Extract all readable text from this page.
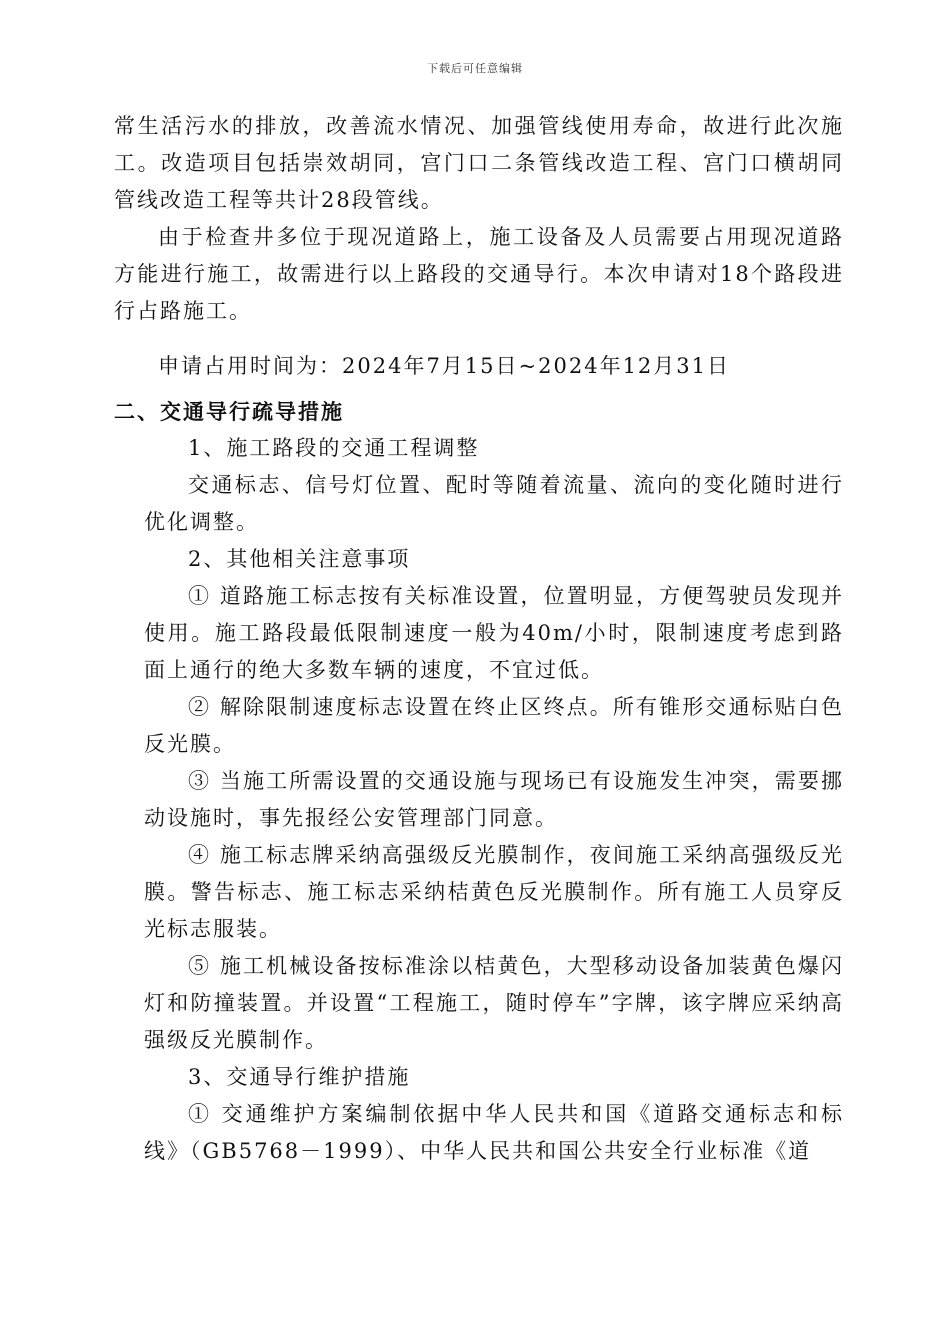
下载后可任意编辑

常生活污水的排放，改善流水情况、加强管线使用寿命，故进行此次施工。改造项目包括崇效胡同，宫门口二条管线改造工程、宫门口横胡同管线改造工程等共计28段管线。

由于检查井多位于现况道路上，施工设备及人员需要占用现况道路方能进行施工，故需进行以上路段的交通导行。本次申请对18个路段进行占路施工。

申请占用时间为：2024年7月15日~2024年12月31日

二、交通导行疏导措施

1、施工路段的交通工程调整

交通标志、信号灯位置、配时等随着流量、流向的变化随时进行优化调整。

2、其他相关注意事项

① 道路施工标志按有关标准设置，位置明显，方便驾驶员发现并使用。施工路段最低限制速度一般为40m/小时，限制速度考虑到路面上通行的绝大多数车辆的速度，不宜过低。

② 解除限制速度标志设置在终止区终点。所有锥形交通标贴白色反光膜。

③ 当施工所需设置的交通设施与现场已有设施发生冲突，需要挪动设施时，事先报经公安管理部门同意。

④ 施工标志牌采纳高强级反光膜制作，夜间施工采纳高强级反光膜。警告标志、施工标志采纳桔黄色反光膜制作。所有施工人员穿反光标志服装。

⑤ 施工机械设备按标准涂以桔黄色，大型移动设备加装黄色爆闪灯和防撞装置。并设置“工程施工，随时停车”字牌，该字牌应采纳高强级反光膜制作。

3、交通导行维护措施

① 交通维护方案编制依据中华人民共和国《道路交通标志和标线》（GB5768－1999）、中华人民共和国公共安全行业标准《道
